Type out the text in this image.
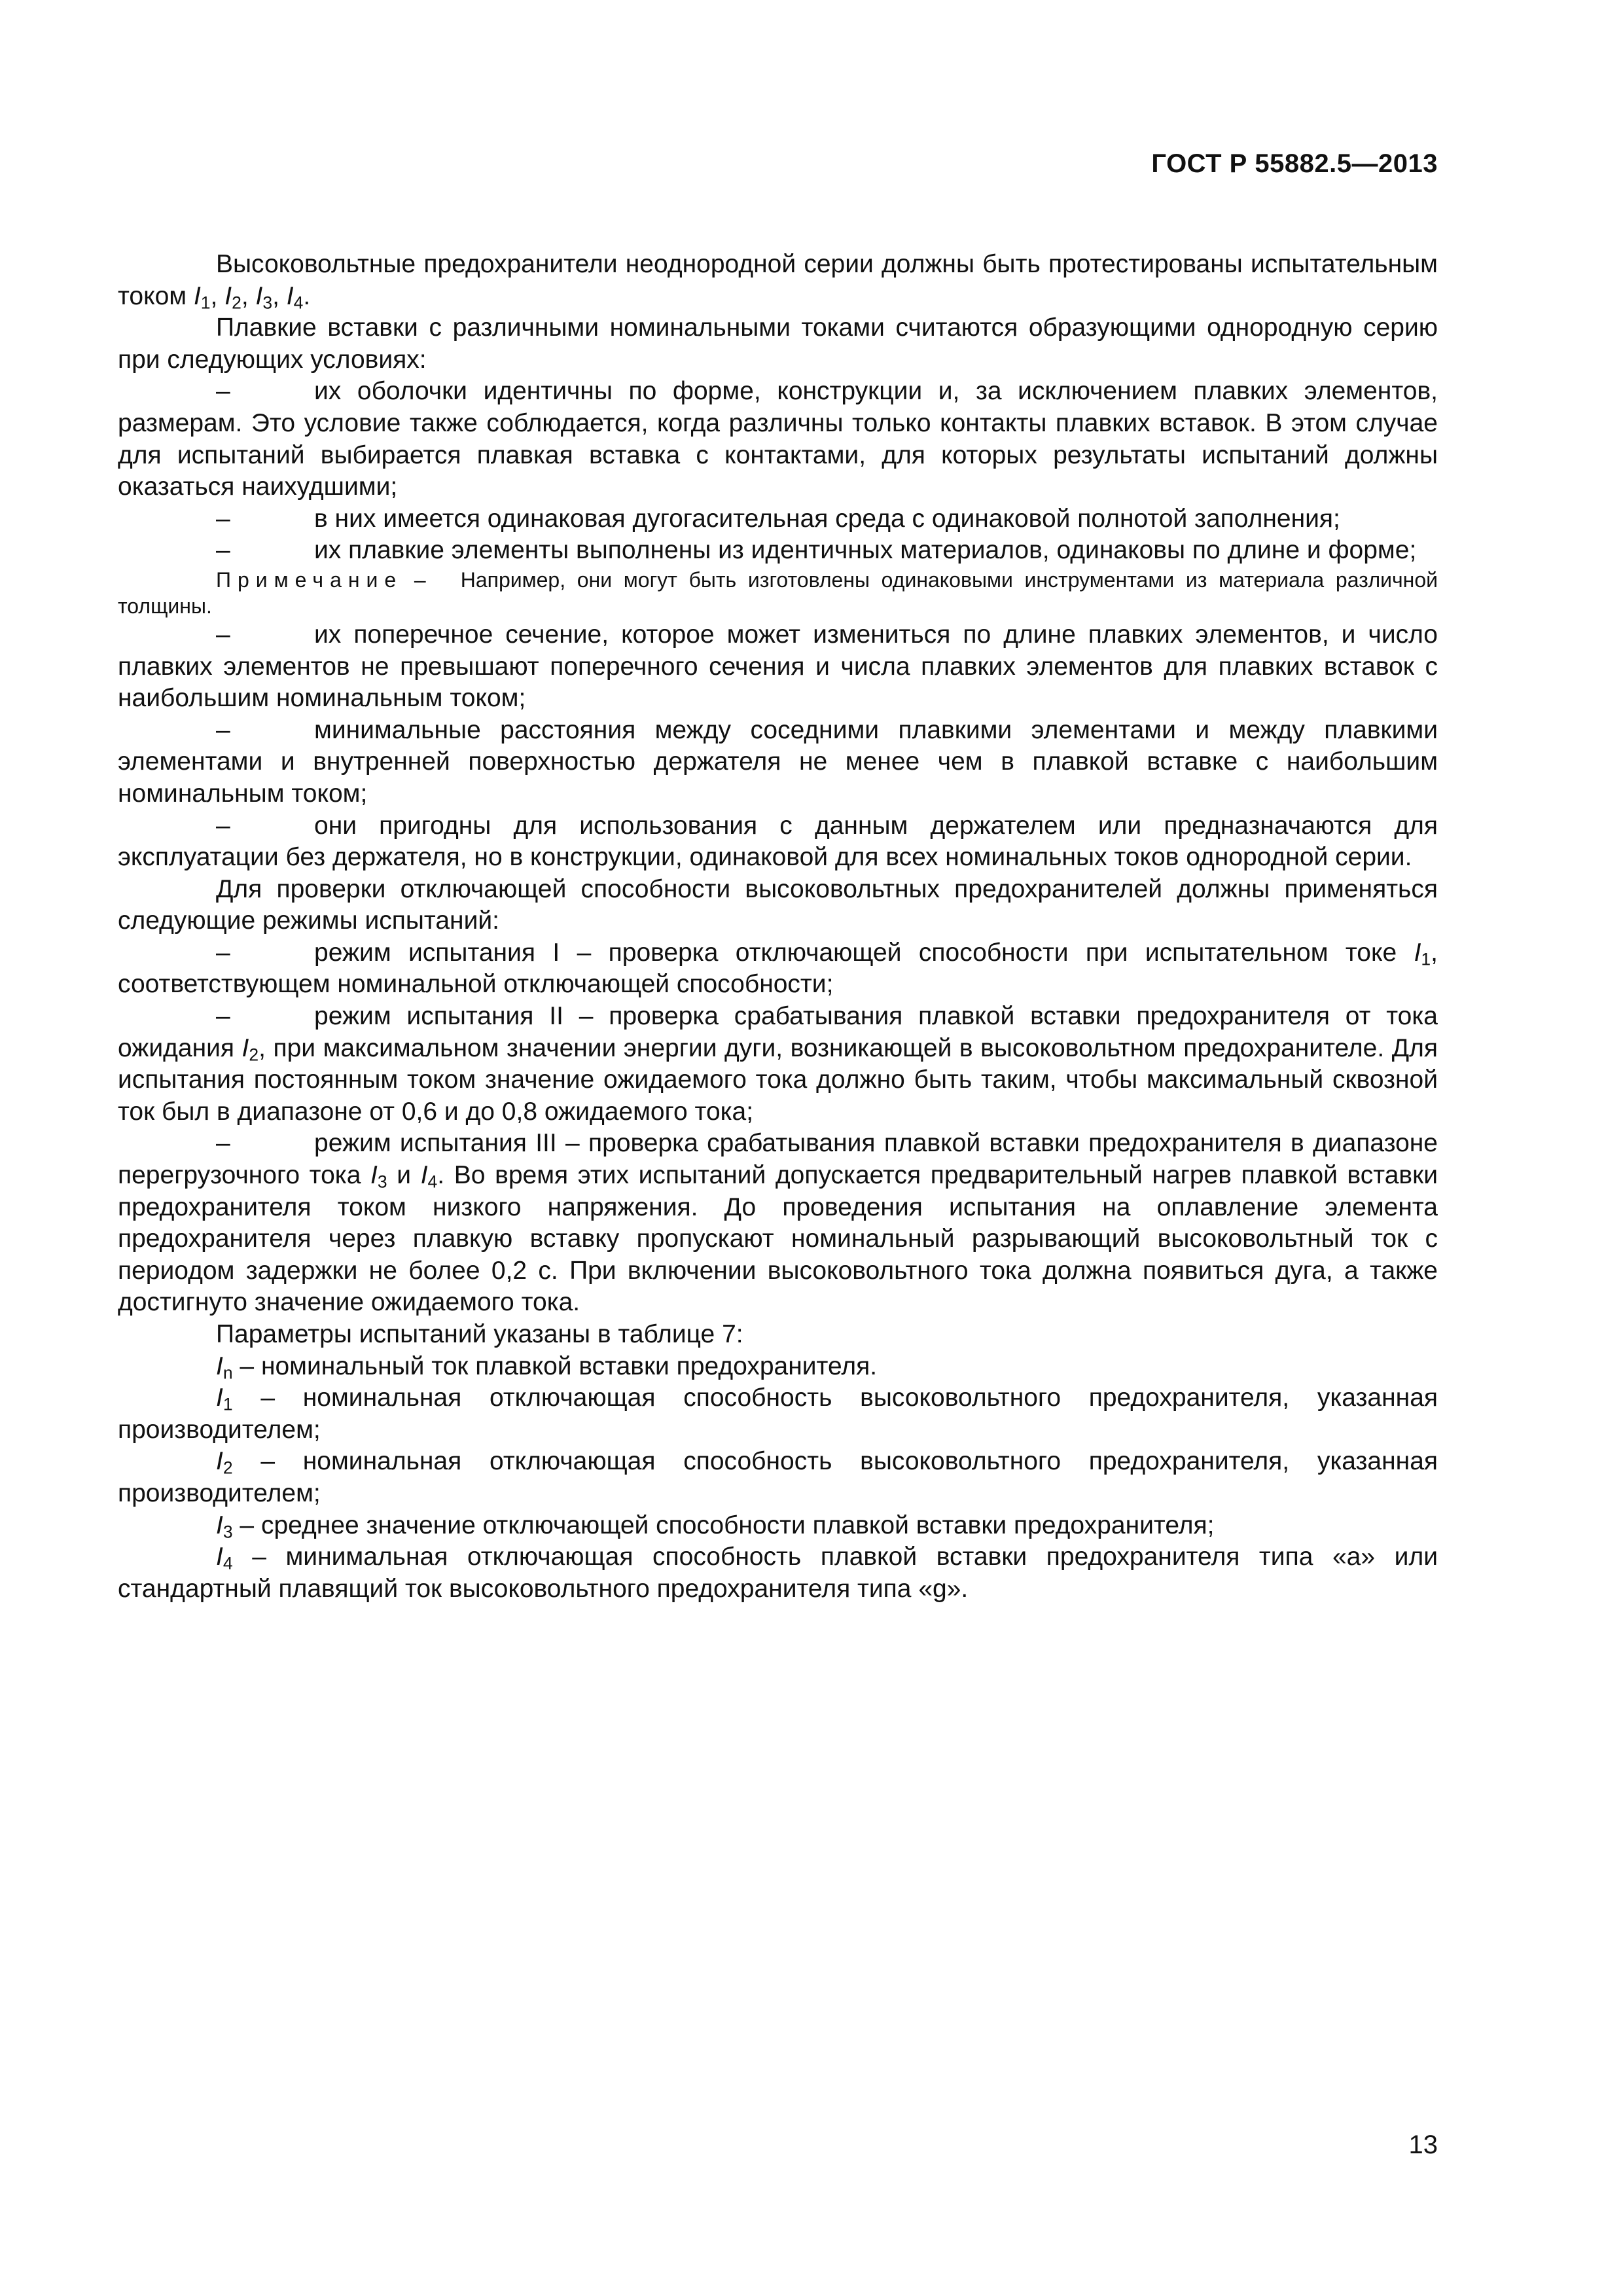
ГОСТ Р 55882.5—2013

Высоковольтные предохранители неоднородной серии должны быть протестированы испытательным током $I_1$, $I_2$, $I_3$, $I_4$.

Плавкие вставки с различными номинальными токами считаются образующими однородную серию при следующих условиях:

–	их оболочки идентичны по форме, конструкции и, за исключением плавких элементов, размерам. Это условие также соблюдается, когда различны только контакты плавких вставок. В этом случае для испытаний выбирается плавкая вставка с контактами, для которых результаты испытаний должны оказаться наихудшими;

–	в них имеется одинаковая дугогасительная среда с одинаковой полнотой заполнения;

–	их плавкие элементы выполнены из идентичных материалов, одинаковы по длине и форме;

Примечание – Например, они могут быть изготовлены одинаковыми инструментами из материала различной толщины.

–	их поперечное сечение, которое может измениться по длине плавких элементов, и число плавких элементов не превышают поперечного сечения и числа плавких элементов для плавких вставок с наибольшим номинальным током;

–	минимальные расстояния между соседними плавкими элементами и между плавкими элементами и внутренней поверхностью держателя не менее чем в плавкой вставке с наибольшим номинальным током;

–	они пригодны для использования с данным держателем или предназначаются для эксплуатации без держателя, но в конструкции, одинаковой для всех номинальных токов однородной серии.

Для проверки отключающей способности высоковольтных предохранителей должны применяться следующие режимы испытаний:

–	режим испытания I – проверка отключающей способности при испытательном токе $I_1$, соответствующем номинальной отключающей способности;

–	режим испытания II – проверка срабатывания плавкой вставки предохранителя от тока ожидания $I_2$, при максимальном значении энергии дуги, возникающей в высоковольтном предохранителе. Для испытания постоянным током значение ожидаемого тока должно быть таким, чтобы максимальный сквозной ток был в диапазоне от 0,6 и до 0,8 ожидаемого тока;

–	режим испытания III – проверка срабатывания плавкой вставки предохранителя в диапазоне перегрузочного тока $I_3$ и $I_4$. Во время этих испытаний допускается предварительный нагрев плавкой вставки предохранителя током низкого напряжения. До проведения испытания на оплавление элемента предохранителя через плавкую вставку пропускают номинальный разрывающий высоковольтный ток с периодом задержки не более 0,2 с. При включении высоковольтного тока должна появиться дуга, а также достигнуто значение ожидаемого тока.

Параметры испытаний указаны в таблице 7:

$I_n$ – номинальный ток плавкой вставки предохранителя.

$I_1$ – номинальная отключающая способность высоковольтного предохранителя, указанная производителем;

$I_2$ – номинальная отключающая способность высоковольтного предохранителя, указанная производителем;

$I_3$ – среднее значение отключающей способности плавкой вставки предохранителя;

$I_4$ – минимальная отключающая способность плавкой вставки предохранителя типа «а» или стандартный плавящий ток высоковольтного предохранителя типа «g».

13
